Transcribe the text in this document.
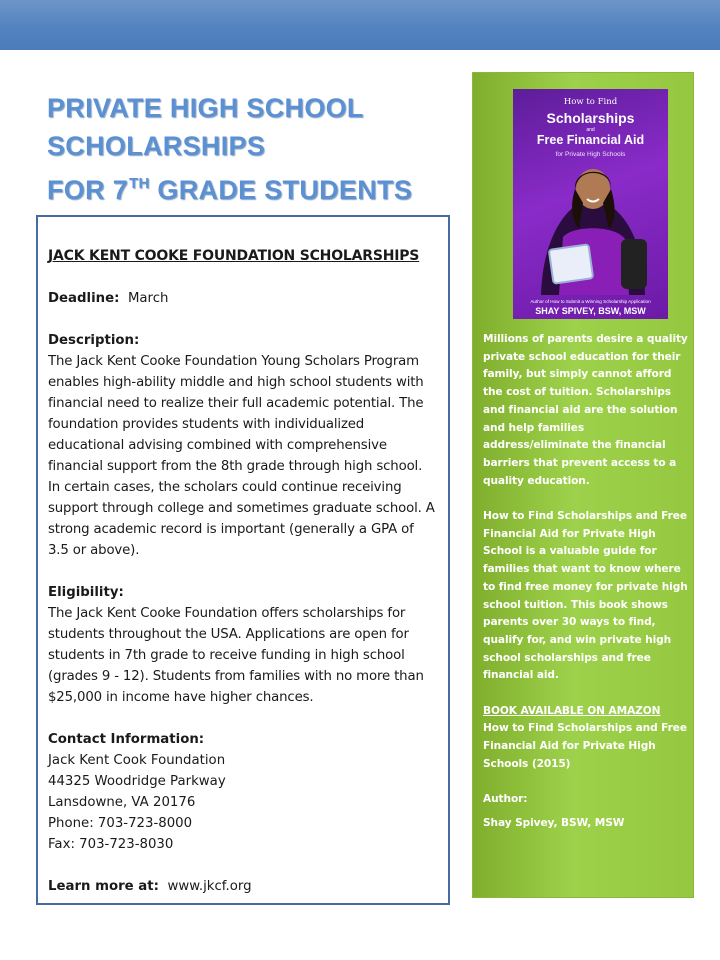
PRIVATE HIGH SCHOOL
SCHOLARSHIPS
FOR 7TH GRADE STUDENTS
JACK KENT COOKE FOUNDATION SCHOLARSHIPS
Deadline: March
Description:
The Jack Kent Cooke Foundation Young Scholars Program enables high-ability middle and high school students with financial need to realize their full academic potential. The foundation provides students with individualized educational advising combined with comprehensive financial support from the 8th grade through high school. In certain cases, the scholars could continue receiving support through college and sometimes graduate school. A strong academic record is important (generally a GPA of 3.5 or above).
Eligibility:
The Jack Kent Cooke Foundation offers scholarships for students throughout the USA. Applications are open for students in 7th grade to receive funding in high school (grades 9 - 12). Students from families with no more than $25,000 in income have higher chances.
Contact Information:
Jack Kent Cook Foundation
44325 Woodridge Parkway
Lansdowne, VA 20176
Phone: 703-723-8000
Fax: 703-723-8030
Learn more at: www.jkcf.org
How to Find
Scholarships
and
Free Financial Aid
for Private High Schools
Author of How to Submit a Winning Scholarship Application
SHAY SPIVEY, BSW, MSW
Millions of parents desire a quality private school education for their family, but simply cannot afford the cost of tuition. Scholarships and financial aid are the solution and help families address/eliminate the financial barriers that prevent access to a quality education.
How to Find Scholarships and Free Financial Aid for Private High School is a valuable guide for families that want to know where to find free money for private high school tuition. This book shows parents over 30 ways to find, qualify for, and win private high school scholarships and free financial aid.
BOOK AVAILABLE ON AMAZON
How to Find Scholarships and Free Financial Aid for Private High Schools (2015)
Author:
Shay Spivey, BSW, MSW
